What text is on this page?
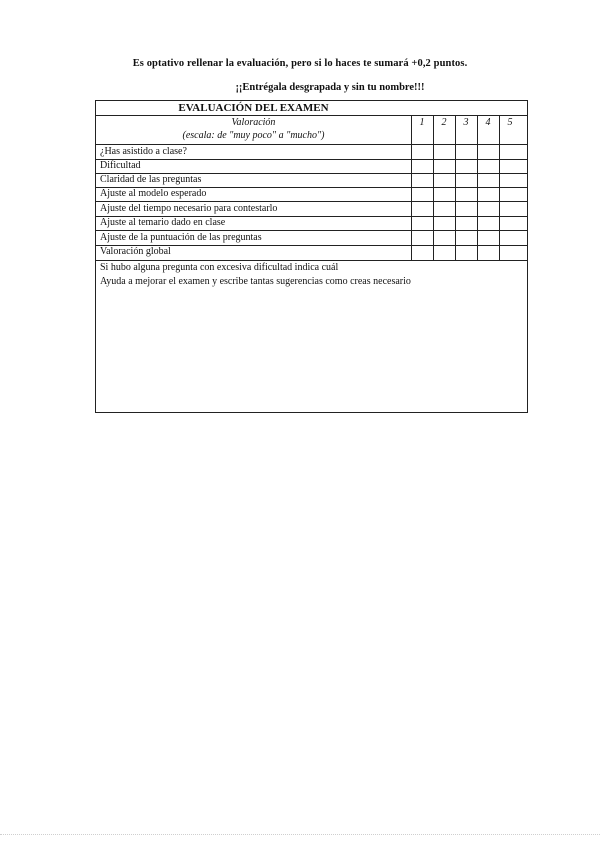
Es optativo rellenar la evaluación, pero si lo haces te sumará +0,2 puntos.
¡¡Entrégala desgrapada y sin tu nombre!!!
EVALUACIÓN DEL EXAMEN
Valoración
(escala: de "muy poco" a "mucho")
1	2	3	4	5
¿Has asistido a clase?
Dificultad
Claridad de las preguntas
Ajuste al modelo esperado
Ajuste del tiempo necesario para contestarlo
Ajuste al temario dado en clase
Ajuste de la puntuación de las preguntas
Valoración global
Si hubo alguna pregunta con excesiva dificultad indica cuál
Ayuda a mejorar el examen y escribe tantas sugerencias como creas necesario
